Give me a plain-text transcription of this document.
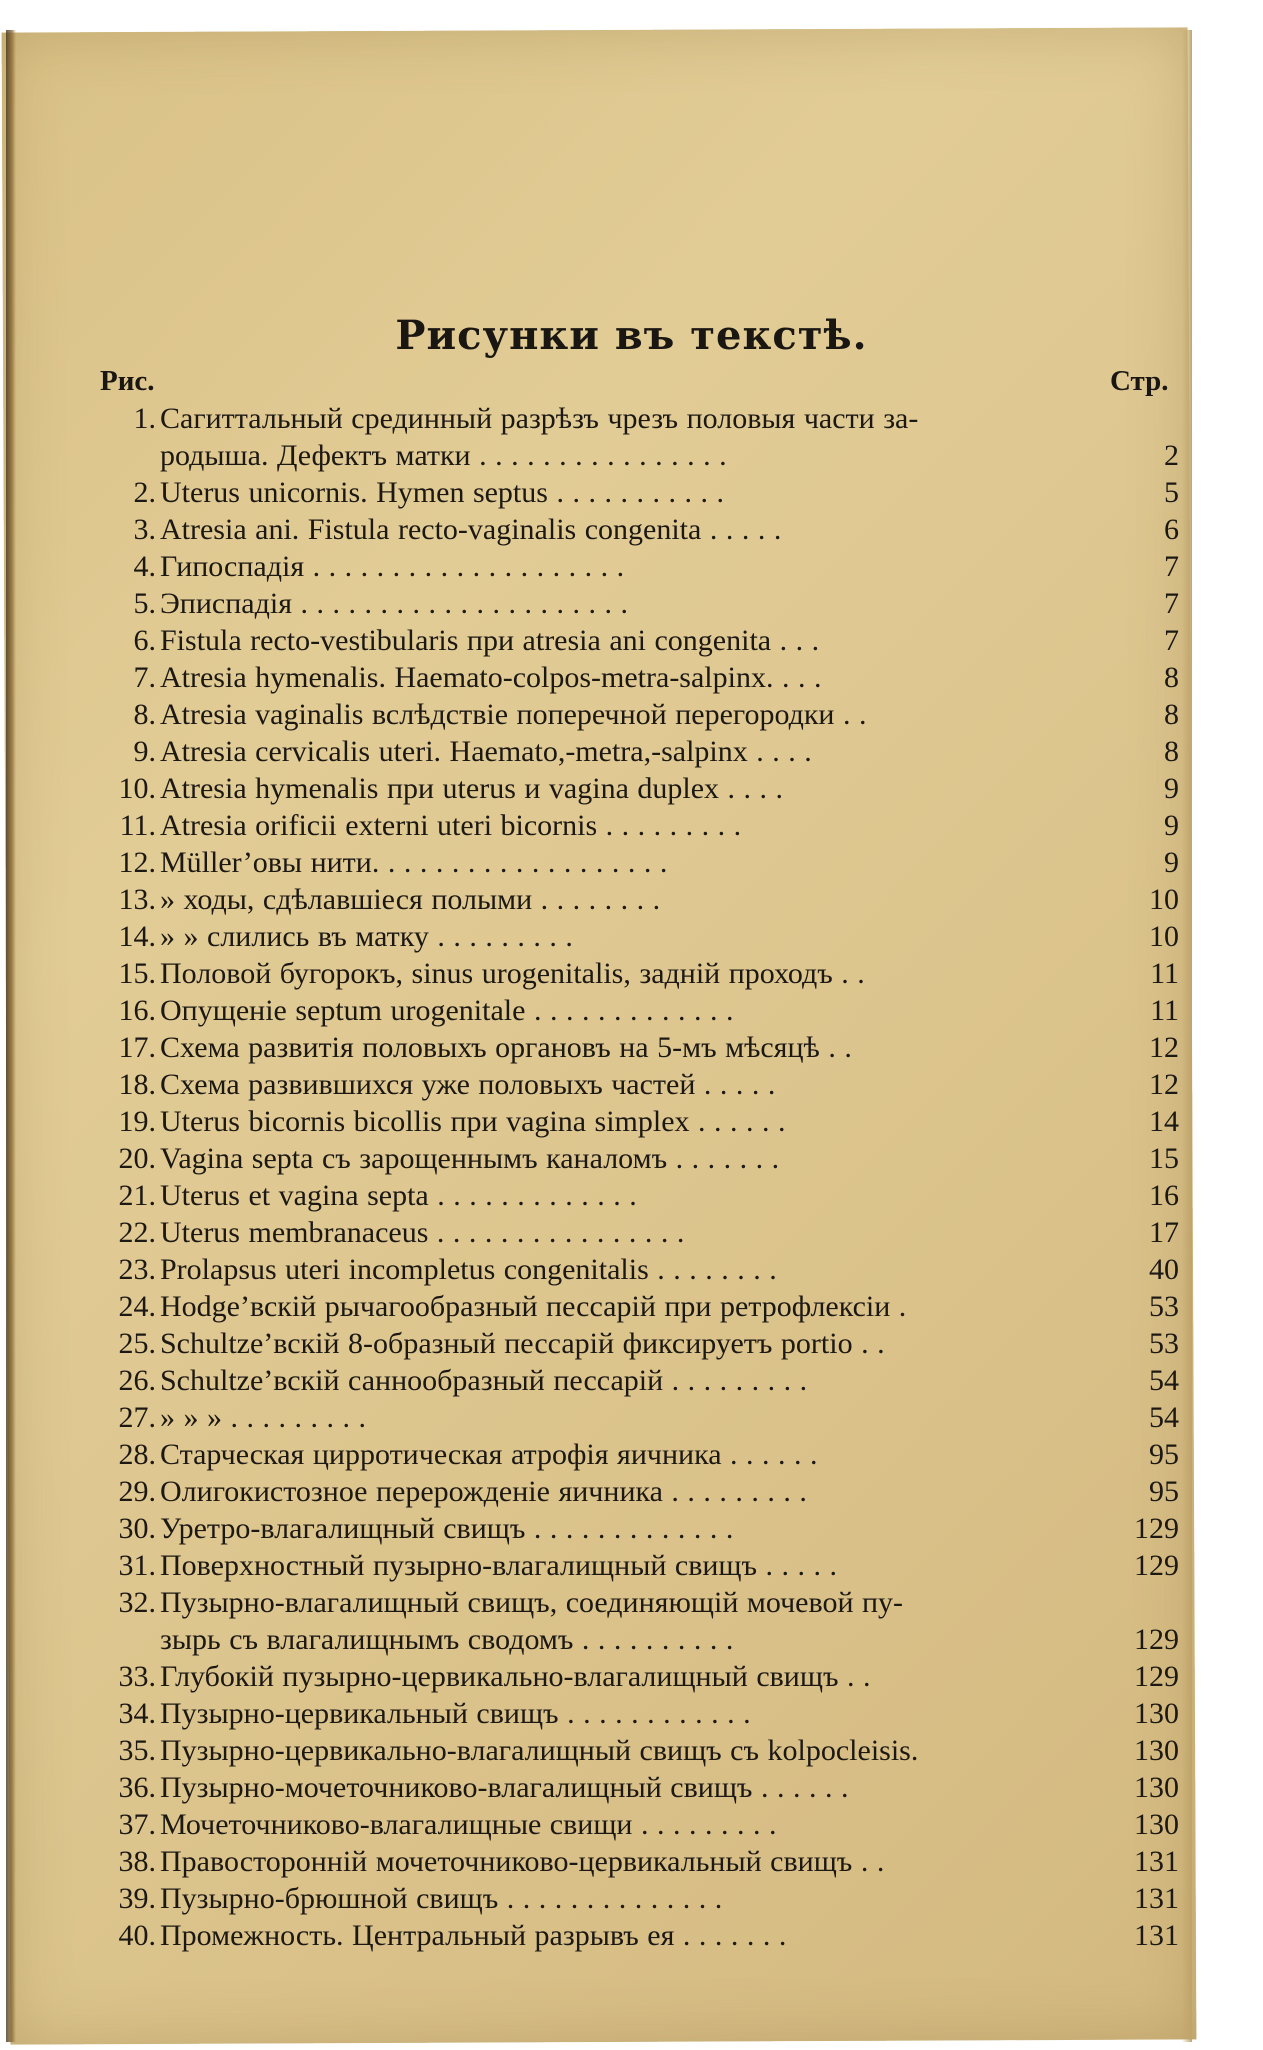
Рисунки въ текстѣ.
Рис.	Стр.
1. Сагиттальный срединный разрѣзъ чрезъ половыя части за-
родыша. Дефектъ матки . . . . . . . . . . . . . . . .	2
2. Uterus unicornis. Hymen septus . . . . . . . . . . .	5
3. Atresia ani. Fistula recto-vaginalis congenita . . . . .	6
4. Гипоспадія . . . . . . . . . . . . . . . . . . . .	7
5. Эписпадія . . . . . . . . . . . . . . . . . . . . .	7
6. Fistula recto-vestibularis при atresia ani congenita . . .	7
7. Atresia hymenalis. Haemato-colpos-metra-salpinx. . . .	8
8. Atresia vaginalis вслѣдствіе поперечной перегородки . .	8
9. Atresia cervicalis uteri. Haemato,-metra,-salpinx . . . .	8
10. Atresia hymenalis при uterus и vagina duplex . . . .	9
11. Atresia orificii externi uteri bicornis . . . . . . . . .	9
12. Müller’овы нити. . . . . . . . . . . . . . . . . . .	9
13. » ходы, сдѣлавшіеся полыми . . . . . . . .	10
14. » » слились въ матку . . . . . . . . .	10
15. Половой бугорокъ, sinus urogenitalis, задній проходъ . .	11
16. Опущеніе septum urogenitale . . . . . . . . . . . . .	11
17. Схема развитія половыхъ органовъ на 5-мъ мѣсяцѣ . .	12
18. Схема развившихся уже половыхъ частей . . . . .	12
19. Uterus bicornis bicollis при vagina simplex . . . . . .	14
20. Vagina septa съ зарощеннымъ каналомъ . . . . . . .	15
21. Uterus et vagina septa . . . . . . . . . . . . .	16
22. Uterus membranaceus . . . . . . . . . . . . . . . .	17
23. Prolapsus uteri incompletus congenitalis . . . . . . . .	40
24. Hodge’вскій рычагообразный пессарій при ретрофлексіи .	53
25. Schultze’вскій 8-образный пессарій фиксируетъ portio . .	53
26. Schultze’вскій саннообразный пессарій . . . . . . . . .	54
27. » » » . . . . . . . . .	54
28. Старческая цирротическая атрофія яичника . . . . . .	95
29. Олигокистозное перерожденіе яичника . . . . . . . . .	95
30. Уретро-влагалищный свищъ . . . . . . . . . . . . .	129
31. Поверхностный пузырно-влагалищный свищъ . . . . .	129
32. Пузырно-влагалищный свищъ, соединяющій мочевой пу-
зырь съ влагалищнымъ сводомъ . . . . . . . . . .	129
33. Глубокій пузырно-цервикально-влагалищный свищъ . .	129
34. Пузырно-цервикальный свищъ . . . . . . . . . . . .	130
35. Пузырно-цервикально-влагалищный свищъ съ kolpocleisis.	130
36. Пузырно-мочеточниково-влагалищный свищъ . . . . . .	130
37. Мочеточниково-влагалищные свищи . . . . . . . . .	130
38. Правосторонній мочеточниково-цервикальный свищъ . .	131
39. Пузырно-брюшной свищъ . . . . . . . . . . . . . .	131
40. Промежность. Центральный разрывъ ея . . . . . . .	131
